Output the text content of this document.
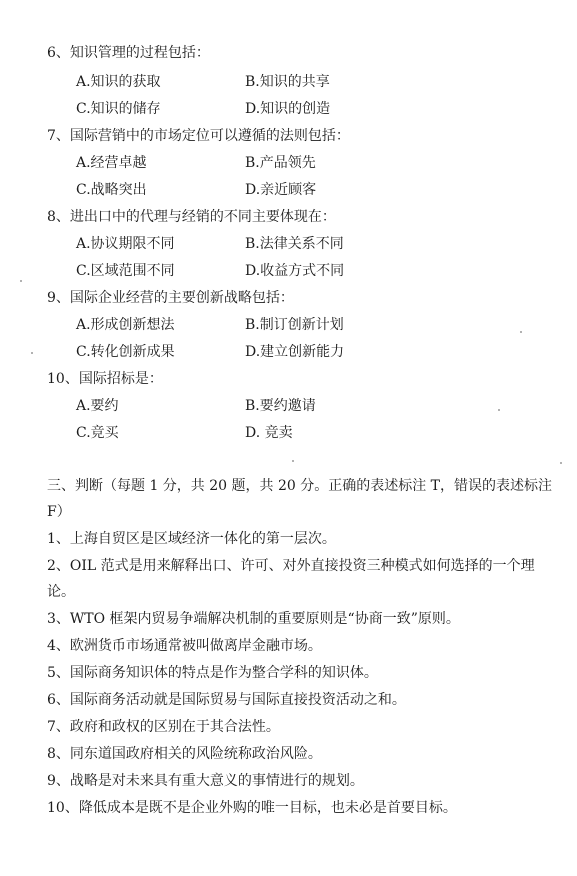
6、知识管理的过程包括：
A.知识的获取	B.知识的共享
C.知识的储存	D.知识的创造
7、国际营销中的市场定位可以遵循的法则包括：
A.经营卓越	B.产品领先
C.战略突出	D.亲近顾客
8、进出口中的代理与经销的不同主要体现在：
A.协议期限不同	B.法律关系不同
C.区域范围不同	D.收益方式不同
9、国际企业经营的主要创新战略包括：
A.形成创新想法	B.制订创新计划
C.转化创新成果	D.建立创新能力
10、国际招标是：
A.要约	B.要约邀请
C.竞买	D. 竞卖
三、判断（每题 1 分，共 20 题，共 20 分。正确的表述标注 T，错误的表述标注
F）
1、上海自贸区是区域经济一体化的第一层次。
2、OIL 范式是用来解释出口、许可、对外直接投资三种模式如何选择的一个理
论。
3、WTO 框架内贸易争端解决机制的重要原则是“协商一致”原则。
4、欧洲货币市场通常被叫做离岸金融市场。
5、国际商务知识体的特点是作为整合学科的知识体。
6、国际商务活动就是国际贸易与国际直接投资活动之和。
7、政府和政权的区别在于其合法性。
8、同东道国政府相关的风险统称政治风险。
9、战略是对未来具有重大意义的事情进行的规划。
10、降低成本是既不是企业外购的唯一目标，也未必是首要目标。
